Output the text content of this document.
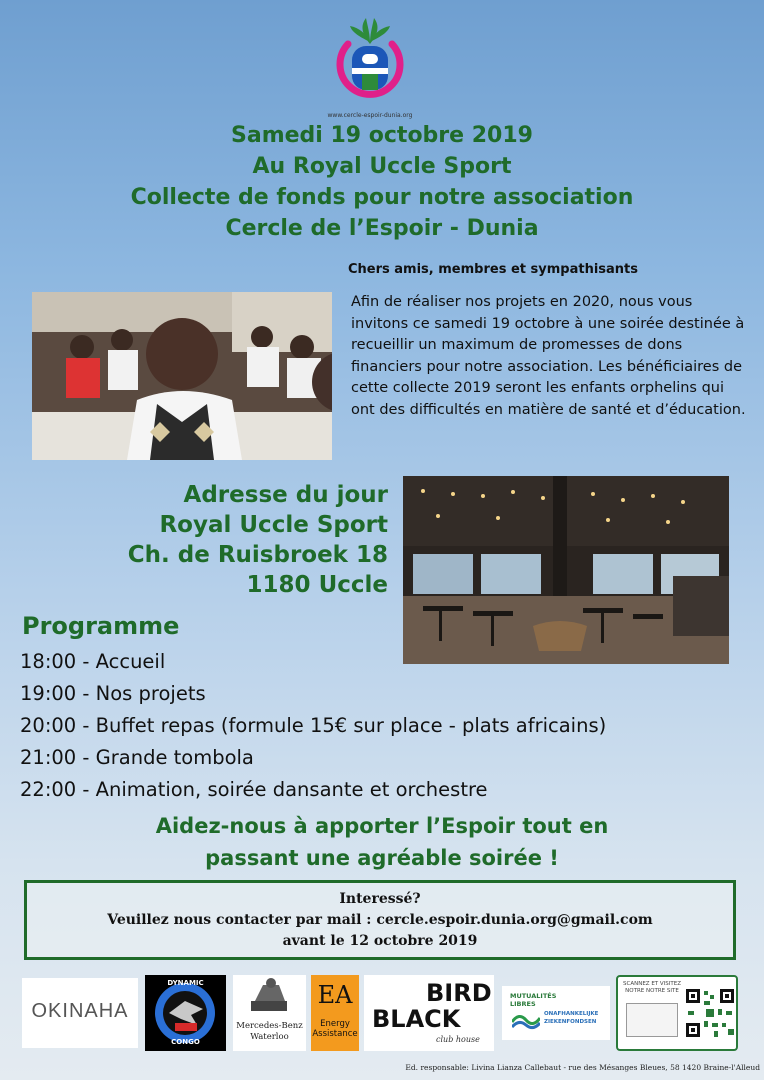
www.cercle-espoir-dunia.org
Samedi 19 octobre 2019
Au Royal Uccle Sport
Collecte de fonds pour notre association
Cercle de l’Espoir - Dunia
Chers amis, membres et sympathisants
Afin de réaliser nos projets en 2020, nous vous invitons ce samedi 19 octobre à une soirée destinée à recueillir un maximum de promesses de dons financiers pour notre association. Les bénéficiaires de cette collecte 2019 seront les enfants orphelins qui ont des difficultés en matière de santé et d’éducation.
Adresse du jour
Royal Uccle Sport
Ch. de Ruisbroek 18
1180 Uccle
Programme
18:00 - Accueil
19:00 - Nos projets
20:00 - Buffet repas (formule 15€ sur place - plats africains)
21:00 - Grande tombola
22:00 - Animation, soirée dansante et orchestre
Aidez-nous à apporter l’Espoir tout en
passant une agréable soirée !
Interessé?
Veuillez nous contacter par mail : cercle.espoir.dunia.org@gmail.com
avant le 12 octobre 2019
OKINAHA
DYNAMIC
CONGO
Mercedes-Benz
Waterloo
EA
Energy
Assistance
BIRD
BLACK
club house
MUTUALITÉS
LIBRES
ONAFHANKELIJKE
ZIEKENFONDSEN
SCANNEZ ET VISITEZ NOTRE NOTRE SITE
Ed. responsable: Livina Lianza Callebaut - rue des Mésanges Bleues, 58 1420 Braine-l'Alleud
